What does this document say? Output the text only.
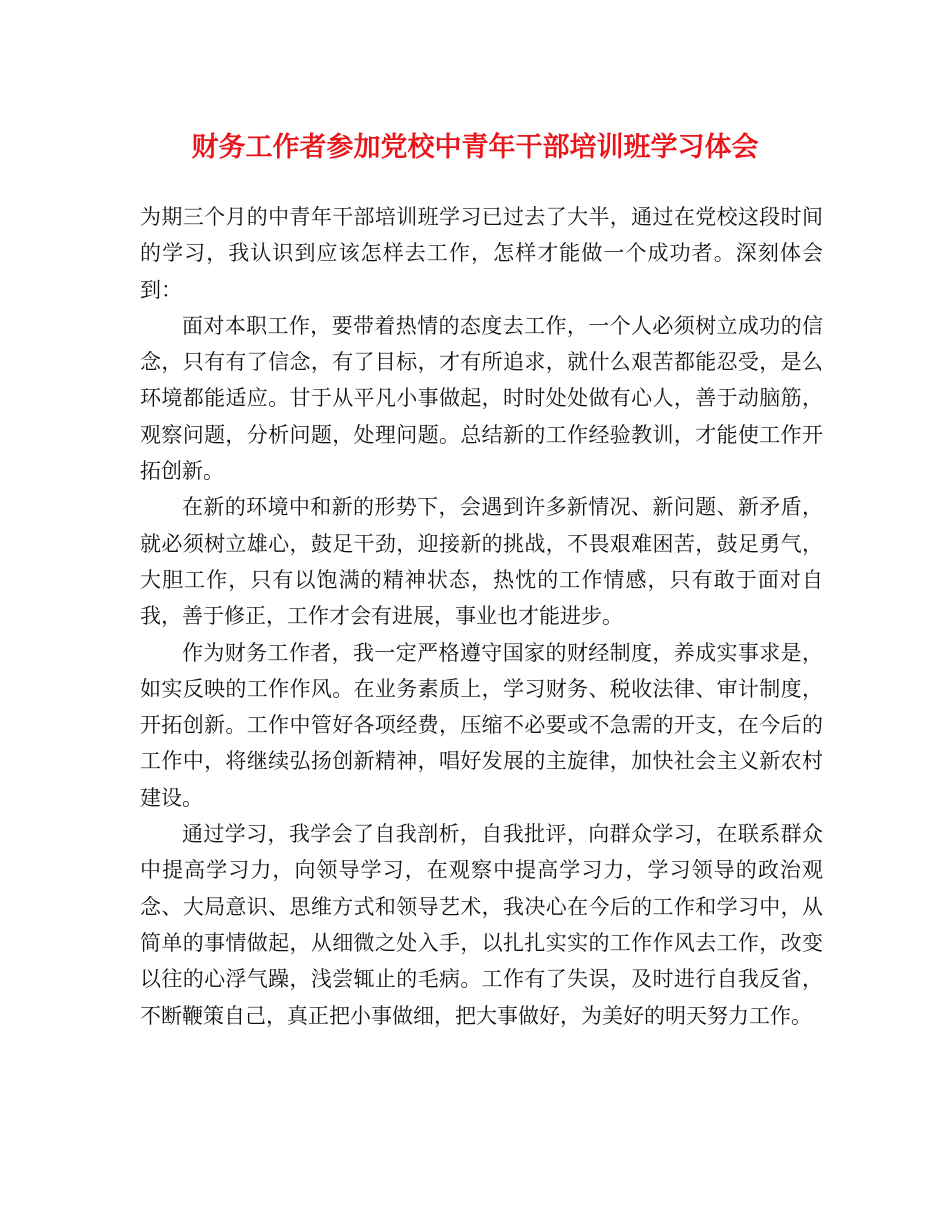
财务工作者参加党校中青年干部培训班学习体会

为期三个月的中青年干部培训班学习已过去了大半，通过在党校这段时间的学习，我认识到应该怎样去工作，怎样才能做一个成功者。深刻体会到：

面对本职工作，要带着热情的态度去工作，一个人必须树立成功的信念，只有有了信念，有了目标，才有所追求，就什么艰苦都能忍受，是么环境都能适应。甘于从平凡小事做起，时时处处做有心人，善于动脑筋，观察问题，分析问题，处理问题。总结新的工作经验教训，才能使工作开拓创新。

在新的环境中和新的形势下，会遇到许多新情况、新问题、新矛盾，就必须树立雄心，鼓足干劲，迎接新的挑战，不畏艰难困苦，鼓足勇气，大胆工作，只有以饱满的精神状态，热忱的工作情感，只有敢于面对自我，善于修正，工作才会有进展，事业也才能进步。

作为财务工作者，我一定严格遵守国家的财经制度，养成实事求是，如实反映的工作作风。在业务素质上，学习财务、税收法律、审计制度，开拓创新。工作中管好各项经费，压缩不必要或不急需的开支，在今后的工作中，将继续弘扬创新精神，唱好发展的主旋律，加快社会主义新农村建设。

通过学习，我学会了自我剖析，自我批评，向群众学习，在联系群众中提高学习力，向领导学习，在观察中提高学习力，学习领导的政治观念、大局意识、思维方式和领导艺术，我决心在今后的工作和学习中，从简单的事情做起，从细微之处入手，以扎扎实实的工作作风去工作，改变以往的心浮气躁，浅尝辄止的毛病。工作有了失误，及时进行自我反省，不断鞭策自己，真正把小事做细，把大事做好，为美好的明天努力工作。
